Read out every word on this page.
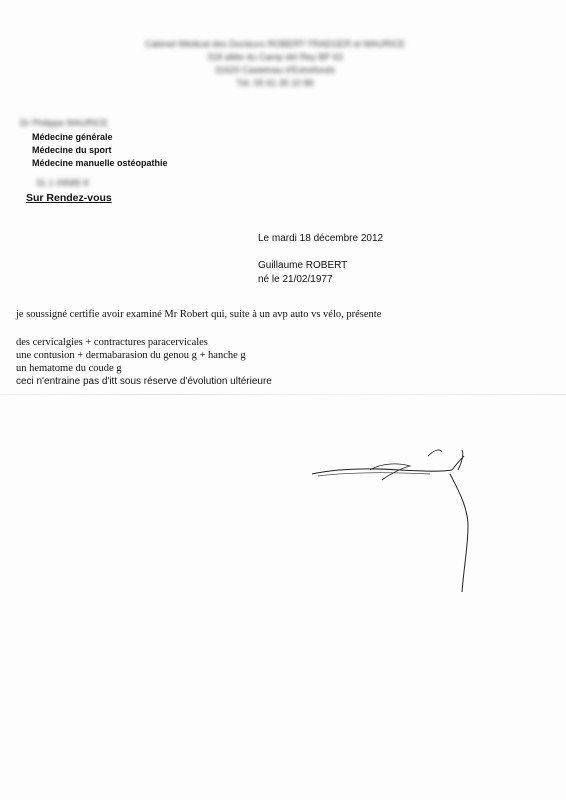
Cabinet Médical des Docteurs ROBERT-TRAEGER et MAURICE
318 allée du Camp del Rey BP 63
31620 Castelnau d'Estrefonds
Tél. 05 61 35 10 86
Dr Philippe MAURICE
Médecine générale
Médecine du sport
Médecine manuelle ostéopathie
31 1 09585 8
Sur Rendez-vous
Le mardi 18 décembre 2012
Guillaume ROBERT
né le 21/02/1977
je soussigné certifie avoir examiné Mr Robert qui, suite à un avp auto vs vélo, présente
des cervicalgies + contractures paracervicales
une contusion + dermabarasion du genou g + hanche g
un hematome du coude g
ceci n'entraine pas d'itt sous réserve d'évolution ultérieure
